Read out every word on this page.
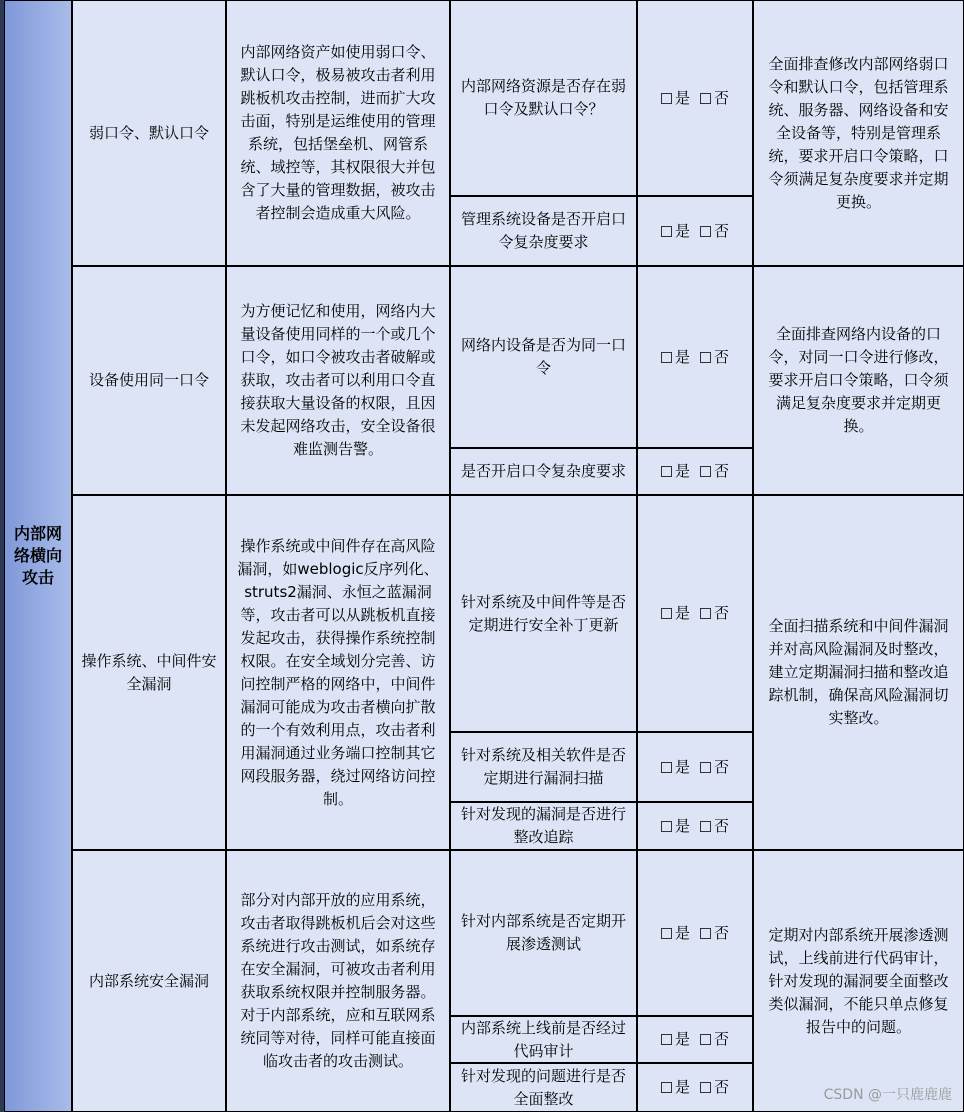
内部网络横向攻击
弱口令、默认口令
内部网络资产如使用弱口令、默认口令，极易被攻击者利用跳板机攻击控制，进而扩大攻击面，特别是运维使用的管理系统，包括堡垒机、网管系统、域控等，其权限很大并包含了大量的管理数据，被攻击者控制会造成重大风险。
内部网络资源是否存在弱口令及默认口令？
是 否
管理系统设备是否开启口令复杂度要求
是 否
全面排查修改内部网络弱口令和默认口令，包括管理系统、服务器、网络设备和安全设备等，特别是管理系统，要求开启口令策略，口令须满足复杂度要求并定期更换。
设备使用同一口令
为方便记忆和使用，网络内大量设备使用同样的一个或几个口令，如口令被攻击者破解或获取，攻击者可以利用口令直接获取大量设备的权限，且因未发起网络攻击，安全设备很难监测告警。
网络内设备是否为同一口令
是 否
是否开启口令复杂度要求	是 否
全面排查网络内设备的口令，对同一口令进行修改，要求开启口令策略，口令须满足复杂度要求并定期更换。
操作系统、中间件安全漏洞
操作系统或中间件存在高风险漏洞，如weblogic反序列化、struts2漏洞、永恒之蓝漏洞等，攻击者可以从跳板机直接发起攻击，获得操作系统控制权限。在安全域划分完善、访问控制严格的网络中，中间件漏洞可能成为攻击者横向扩散的一个有效利用点，攻击者利用漏洞通过业务端口控制其它网段服务器，绕过网络访问控制。
针对系统及中间件等是否定期进行安全补丁更新
是 否
针对系统及相关软件是否定期进行漏洞扫描
是 否
针对发现的漏洞是否进行整改追踪
是 否
全面扫描系统和中间件漏洞并对高风险漏洞及时整改，建立定期漏洞扫描和整改追踪机制，确保高风险漏洞切实整改。
内部系统安全漏洞
部分对内部开放的应用系统，攻击者取得跳板机后会对这些系统进行攻击测试，如系统存在安全漏洞，可被攻击者利用获取系统权限并控制服务器。对于内部系统，应和互联网系统同等对待，同样可能直接面临攻击者的攻击测试。
针对内部系统是否定期开展渗透测试
是 否
内部系统上线前是否经过代码审计
是 否
针对发现的问题进行是否全面整改
是 否
定期对内部系统开展渗透测试，上线前进行代码审计，针对发现的漏洞要全面整改类似漏洞，不能只单点修复报告中的问题。
CSDN @一只鹿鹿鹿
